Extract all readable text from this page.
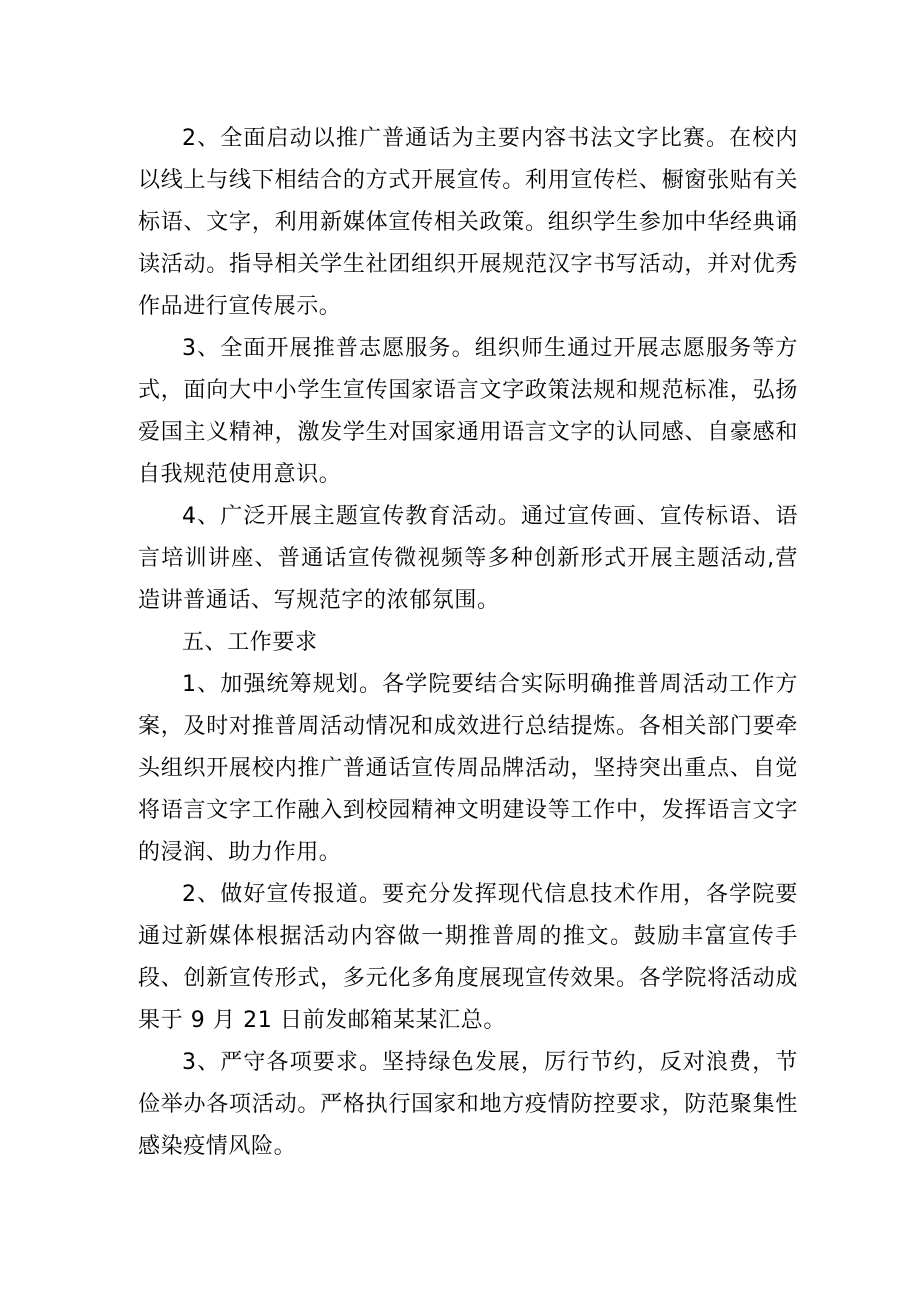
2、全面启动以推广普通话为主要内容书法文字比赛。在校内以线上与线下相结合的方式开展宣传。利用宣传栏、橱窗张贴有关标语、文字，利用新媒体宣传相关政策。组织学生参加中华经典诵读活动。指导相关学生社团组织开展规范汉字书写活动，并对优秀作品进行宣传展示。

3、全面开展推普志愿服务。组织师生通过开展志愿服务等方式，面向大中小学生宣传国家语言文字政策法规和规范标准，弘扬爱国主义精神，激发学生对国家通用语言文字的认同感、自豪感和自我规范使用意识。

4、广泛开展主题宣传教育活动。通过宣传画、宣传标语、语言培训讲座、普通话宣传微视频等多种创新形式开展主题活动,营造讲普通话、写规范字的浓郁氛围。

五、工作要求

1、加强统筹规划。各学院要结合实际明确推普周活动工作方案，及时对推普周活动情况和成效进行总结提炼。各相关部门要牵头组织开展校内推广普通话宣传周品牌活动，坚持突出重点、自觉将语言文字工作融入到校园精神文明建设等工作中，发挥语言文字的浸润、助力作用。

2、做好宣传报道。要充分发挥现代信息技术作用，各学院要通过新媒体根据活动内容做一期推普周的推文。鼓励丰富宣传手段、创新宣传形式，多元化多角度展现宣传效果。各学院将活动成果于 9 月 21 日前发邮箱某某汇总。

3、严守各项要求。坚持绿色发展，厉行节约，反对浪费，节俭举办各项活动。严格执行国家和地方疫情防控要求，防范聚集性感染疫情风险。
